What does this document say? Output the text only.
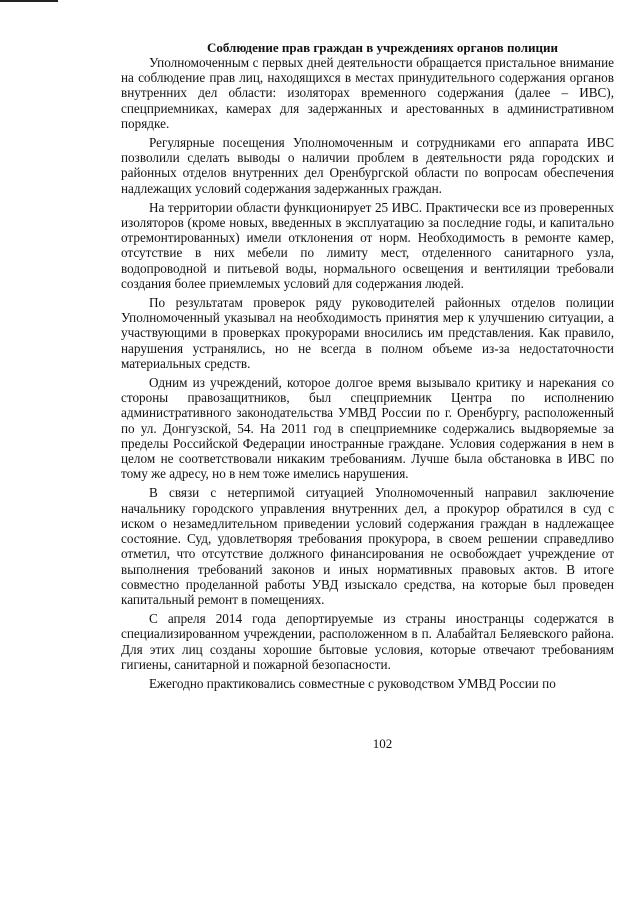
Соблюдение прав граждан в учреждениях органов полиции

Уполномоченным с первых дней деятельности обращается пристальное внимание на соблюдение прав лиц, находящихся в местах принудительного содержания органов внутренних дел области: изоляторах временного содержания (далее – ИВС), спецприемниках, камерах для задержанных и арестованных в административном порядке.

Регулярные посещения Уполномоченным и сотрудниками его аппарата ИВС позволили сделать выводы о наличии проблем в деятельности ряда городских и районных отделов внутренних дел Оренбургской области по вопросам обеспечения надлежащих условий содержания задержанных граждан.

На территории области функционирует 25 ИВС. Практически все из проверенных изоляторов (кроме новых, введенных в эксплуатацию за последние годы, и капитально отремонтированных) имели отклонения от норм. Необходимость в ремонте камер, отсутствие в них мебели по лимиту мест, отделенного санитарного узла, водопроводной и питьевой воды, нормального освещения и вентиляции требовали создания более приемлемых условий для содержания людей.

По результатам проверок ряду руководителей районных отделов полиции Уполномоченный указывал на необходимость принятия мер к улучшению ситуации, а участвующими в проверках прокурорами вносились им представления. Как правило, нарушения устранялись, но не всегда в полном объеме из-за недостаточности материальных средств.

Одним из учреждений, которое долгое время вызывало критику и нарекания со стороны правозащитников, был спецприемник Центра по исполнению административного законодательства УМВД России по г. Оренбургу, расположенный по ул. Донгузской, 54. На 2011 год в спецприемнике содержались выдворяемые за пределы Российской Федерации иностранные граждане. Условия содержания в нем в целом не соответствовали никаким требованиям. Лучше была обстановка в ИВС по тому же адресу, но в нем тоже имелись нарушения.

В связи с нетерпимой ситуацией Уполномоченный направил заключение начальнику городского управления внутренних дел, а прокурор обратился в суд с иском о незамедлительном приведении условий содержания граждан в надлежащее состояние. Суд, удовлетворяя требования прокурора, в своем решении справедливо отметил, что отсутствие должного финансирования не освобождает учреждение от выполнения требований законов и иных нормативных правовых актов. В итоге совместно проделанной работы УВД изыскало средства, на которые был проведен капитальный ремонт в помещениях.

С апреля 2014 года депортируемые из страны иностранцы содержатся в специализированном учреждении, расположенном в п. Алабайтал Беляевского района. Для этих лиц созданы хорошие бытовые условия, которые отвечают требованиям гигиены, санитарной и пожарной безопасности.

Ежегодно практиковались совместные с руководством УМВД России по

102
